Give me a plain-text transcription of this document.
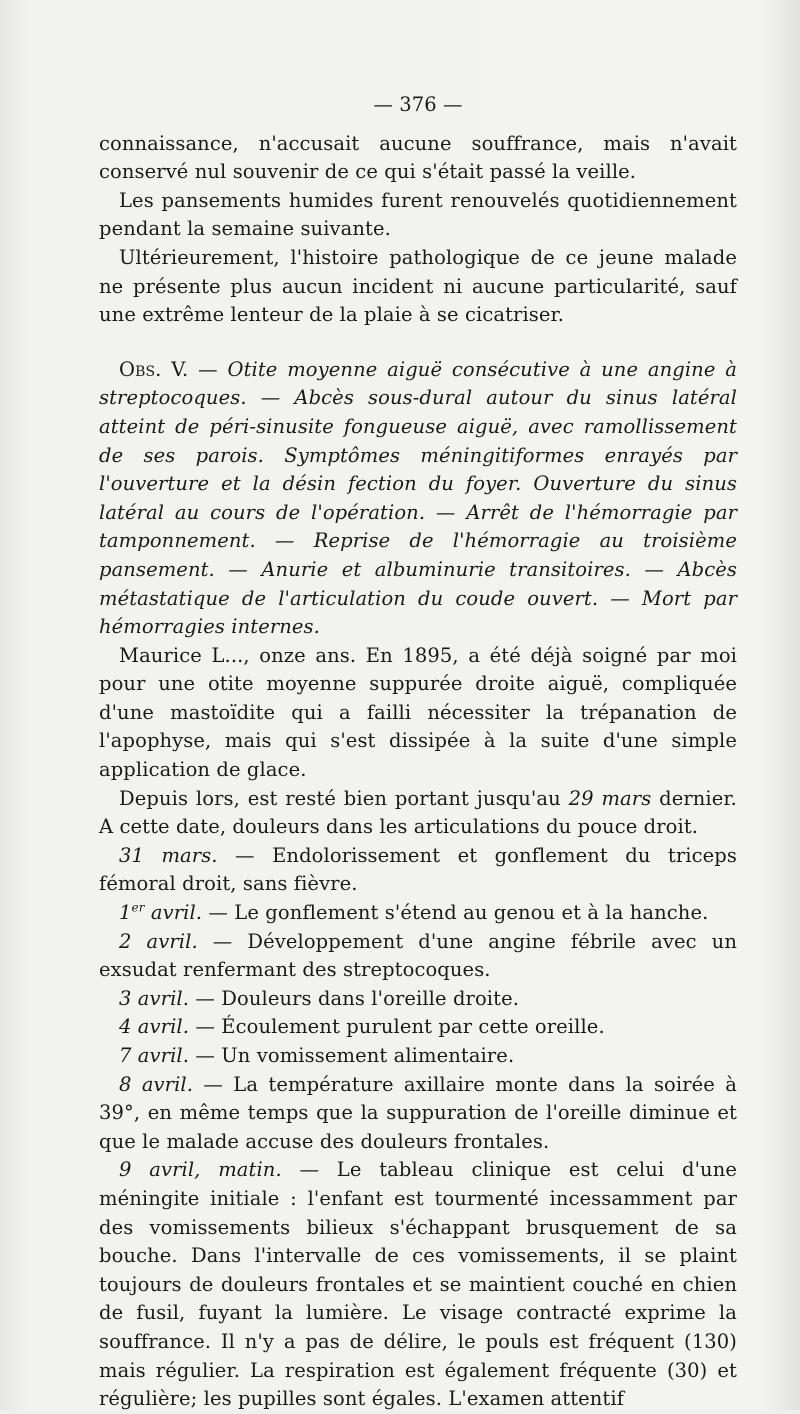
— 376 —

connaissance, n'accusait aucune souffrance, mais n'avait conservé nul souvenir de ce qui s'était passé la veille.

Les pansements humides furent renouvelés quotidiennement pendant la semaine suivante.

Ultérieurement, l'histoire pathologique de ce jeune malade ne présente plus aucun incident ni aucune particularité, sauf une extrême lenteur de la plaie à se cicatriser.

Obs. V. — Otite moyenne aiguë consécutive à une angine à streptocoques. — Abcès sous-dural autour du sinus latéral atteint de péri-sinusite fongueuse aiguë, avec ramollissement de ses parois. Symptômes méningitiformes enrayés par l'ouverture et la désin fection du foyer. Ouverture du sinus latéral au cours de l'opération. — Arrêt de l'hémorragie par tamponnement. — Reprise de l'hémorragie au troisième pansement. — Anurie et albuminurie transitoires. — Abcès métastatique de l'articulation du coude ouvert. — Mort par hémorragies internes.

Maurice L..., onze ans. En 1895, a été déjà soigné par moi pour une otite moyenne suppurée droite aiguë, compliquée d'une mastoïdite qui a failli nécessiter la trépanation de l'apophyse, mais qui s'est dissipée à la suite d'une simple application de glace.

Depuis lors, est resté bien portant jusqu'au 29 mars dernier. A cette date, douleurs dans les articulations du pouce droit.

31 mars. — Endolorissement et gonflement du triceps fémoral droit, sans fièvre.

1er avril. — Le gonflement s'étend au genou et à la hanche.

2 avril. — Développement d'une angine fébrile avec un exsudat renfermant des streptocoques.

3 avril. — Douleurs dans l'oreille droite.

4 avril. — Écoulement purulent par cette oreille.

7 avril. — Un vomissement alimentaire.

8 avril. — La température axillaire monte dans la soirée à 39°, en même temps que la suppuration de l'oreille diminue et que le malade accuse des douleurs frontales.

9 avril, matin. — Le tableau clinique est celui d'une méningite initiale : l'enfant est tourmenté incessamment par des vomissements bilieux s'échappant brusquement de sa bouche. Dans l'intervalle de ces vomissements, il se plaint toujours de douleurs frontales et se maintient couché en chien de fusil, fuyant la lumière. Le visage contracté exprime la souffrance. Il n'y a pas de délire, le pouls est fréquent (130) mais régulier. La respiration est également fréquente (30) et régulière; les pupilles sont égales. L'examen attentif
